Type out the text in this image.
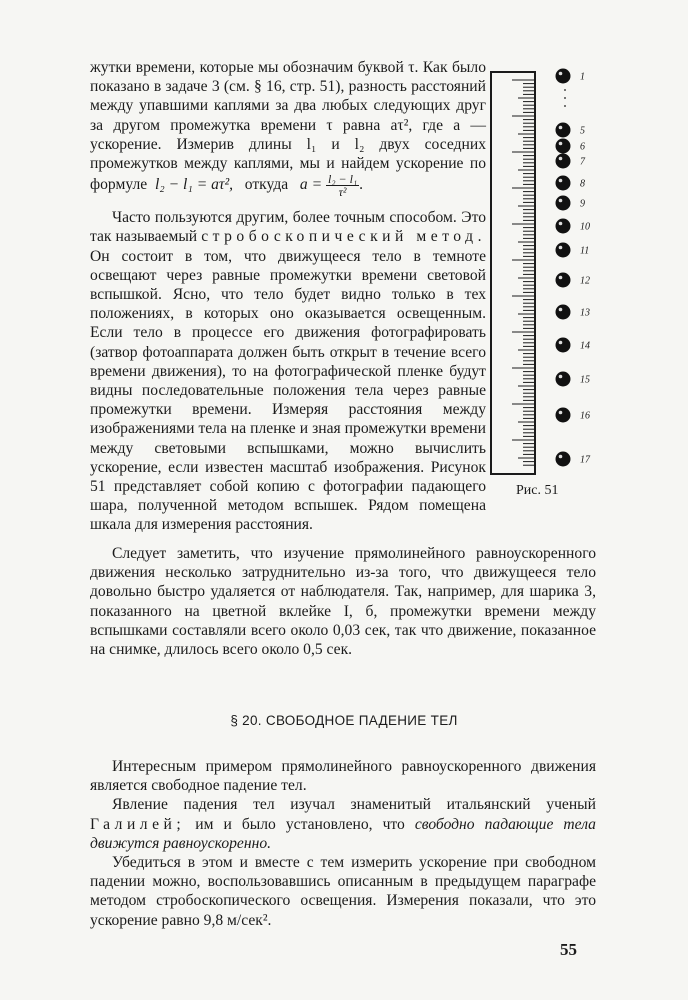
жутки времени, которые мы обозначим буквой τ. Как было показано в задаче 3 (см. § 16, стр. 51), разность расстояний между упавшими каплями за два любых следующих друг за другом промежутка времени τ равна aτ², где a — ускорение. Измерив длины l₁ и l₂ двух соседних промежутков между каплями, мы и найдем ускорение по формуле l₂ − l₁ = aτ², откуда $a = \frac{\text{l₂ − l₁}}{\text{τ²}}$ .

Часто пользуются другим, более точным способом. Это так называемый стробоскопический метод. Он состоит в том, что движущееся тело в темноте освещают через равные промежутки времени световой вспышкой. Ясно, что тело будет видно только в тех положениях, в которых оно оказывается освещенным. Если тело в процессе его движения фотографировать (затвор фотоаппарата должен быть открыт в течение всего времени движения), то на фотографической пленке будут видны последовательные положения тела через равные промежутки времени. Измеряя расстояния между изображениями тела на пленке и зная промежутки времени между световыми вспышками, можно вычислить ускорение, если известен масштаб изображения. Рисунок 51 представляет собой копию с фотографии падающего шара, полученной методом вспышек. Рядом помещена шкала для измерения расстояния.

1
5
6
7
8
9
10
11
12
13
14
15
16
17
Рис. 51

Следует заметить, что изучение прямолинейного равноускоренного движения несколько затруднительно из-за того, что движущееся тело довольно быстро удаляется от наблюдателя. Так, например, для шарика 3, показанного на цветной вклейке I, б, промежутки времени между вспышками составляли всего около 0,03 сек, так что движение, показанное на снимке, длилось всего около 0,5 сек.

§ 20. СВОБОДНОЕ ПАДЕНИЕ ТЕЛ

Интересным примером прямолинейного равноускоренного движения является свободное падение тел.

Явление падения тел изучал знаменитый итальянский ученый Галилей; им и было установлено, что свободно падающие тела движутся равноускоренно.

Убедиться в этом и вместе с тем измерить ускорение при свободном падении можно, воспользовавшись описанным в предыдущем параграфе методом стробоскопического освещения. Измерения показали, что это ускорение равно 9,8 м/сек².

55
